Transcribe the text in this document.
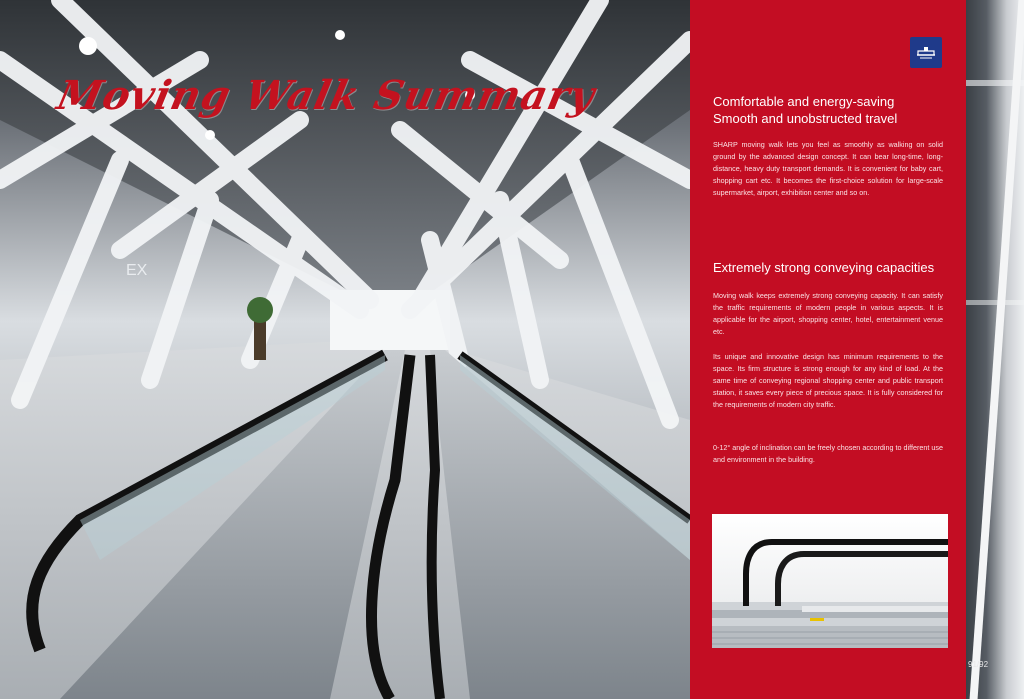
EX
Moving Walk Summary	Comfortable and energy-saving
Smooth and unobstructed travel

SHARP moving walk lets you feel as smoothly as walking on solid ground by the advanced design concept. It can bear long-time, long-distance, heavy duty transport demands. It is convenient for baby cart, shopping cart etc. It becomes the first-choice solution for large-scale supermarket, airport, exhibition center and so on.

Extremely strong conveying capacities

Moving walk keeps extremely strong conveying capacity. It can satisfy the traffic requirements of modern people in various aspects. It is applicable for the airport, shopping center, hotel, entertainment venue etc.

Its unique and innovative design has minimum requirements to the space. Its firm structure is strong enough for any kind of load. At the same time of conveying regional shopping center and public transport station, it saves every piece of precious space. It is fully considered for the requirements of modern city traffic.

0-12° angle of inclination can be freely chosen according to different use and environment in the building.

91/92
